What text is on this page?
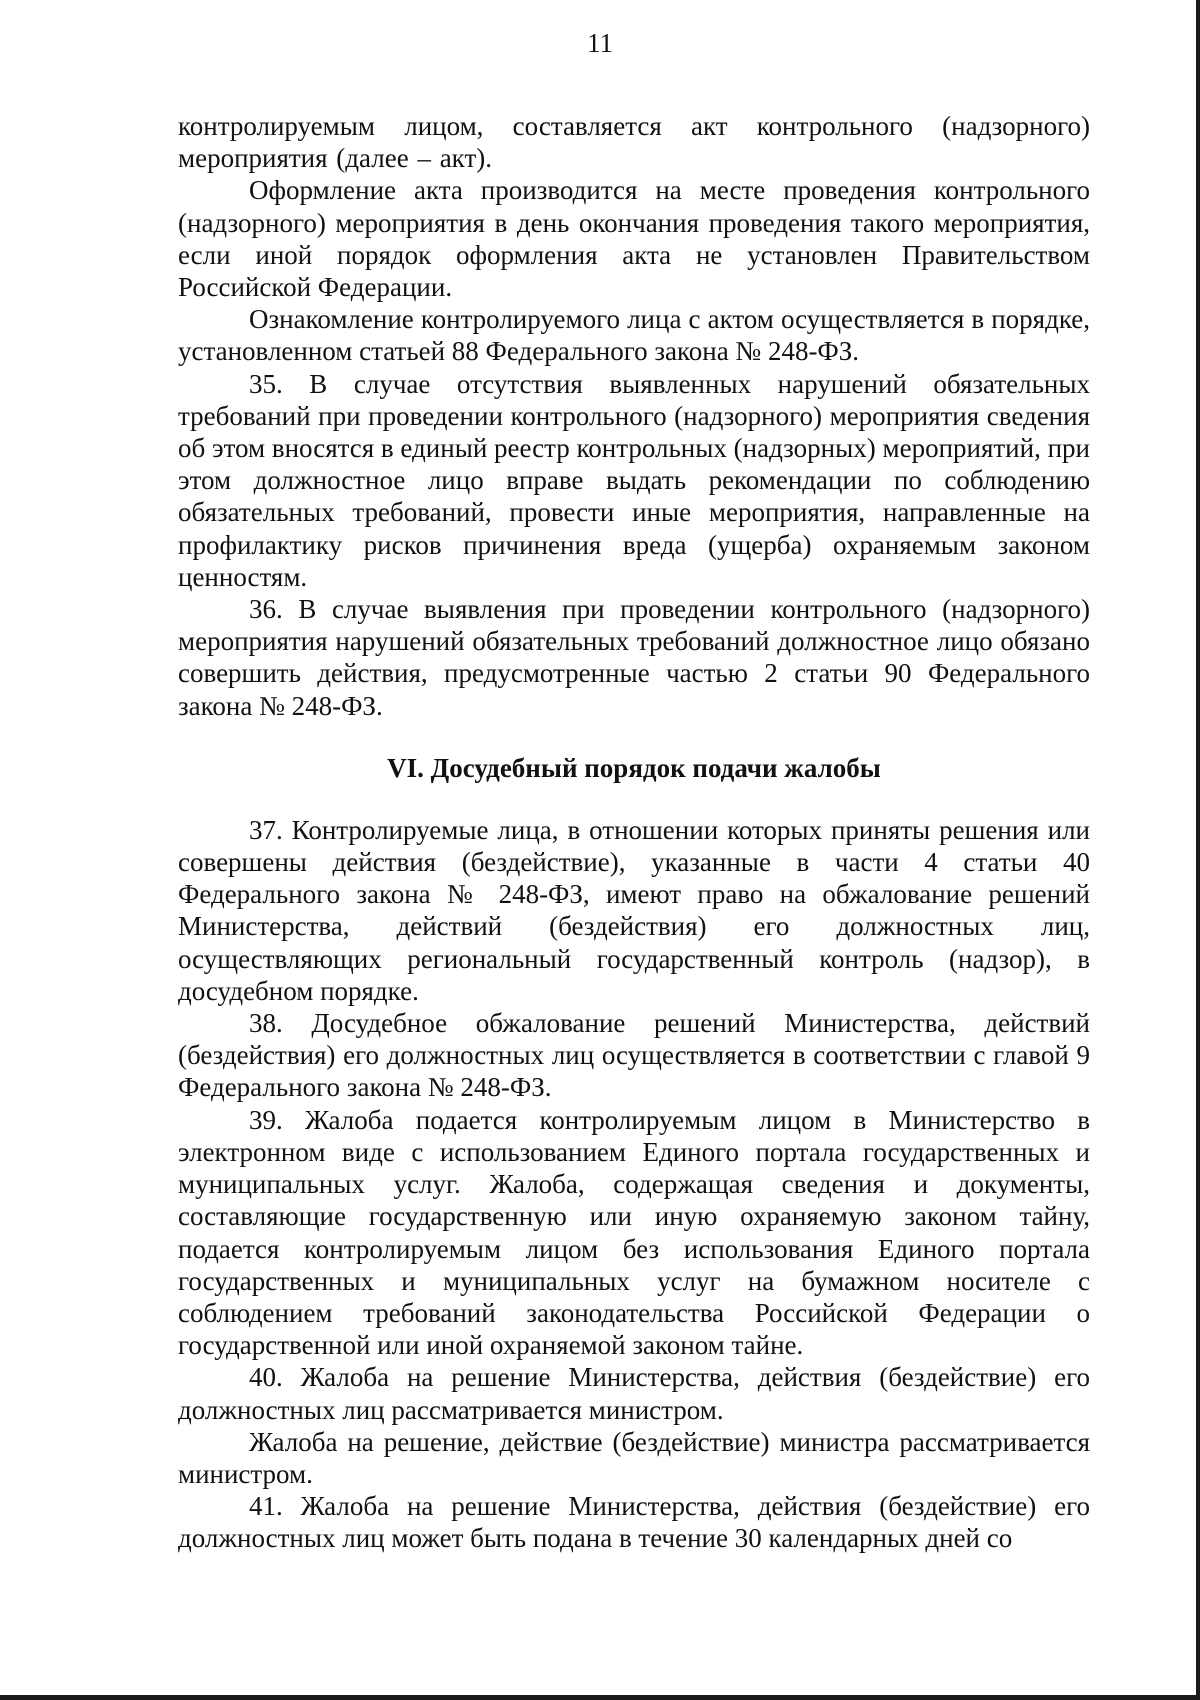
11

контролируемым лицом, составляется акт контрольного (надзорного) мероприятия (далее – акт).

Оформление акта производится на месте проведения контрольного (надзорного) мероприятия в день окончания проведения такого мероприятия, если иной порядок оформления акта не установлен Правительством Российской Федерации.

Ознакомление контролируемого лица с актом осуществляется в порядке, установленном статьей 88 Федерального закона № 248-ФЗ.

35. В случае отсутствия выявленных нарушений обязательных требований при проведении контрольного (надзорного) мероприятия сведения об этом вносятся в единый реестр контрольных (надзорных) мероприятий, при этом должностное лицо вправе выдать рекомендации по соблюдению обязательных требований, провести иные мероприятия, направленные на профилактику рисков причинения вреда (ущерба) охраняемым законом ценностям.

36. В случае выявления при проведении контрольного (надзорного) мероприятия нарушений обязательных требований должностное лицо обязано совершить действия, предусмотренные частью 2 статьи 90 Федерального закона № 248-ФЗ.

VI. Досудебный порядок подачи жалобы

37. Контролируемые лица, в отношении которых приняты решения или совершены действия (бездействие), указанные в части 4 статьи 40 Федерального закона № 248-ФЗ, имеют право на обжалование решений Министерства, действий (бездействия) его должностных лиц, осуществляющих региональный государственный контроль (надзор), в досудебном порядке.

38. Досудебное обжалование решений Министерства, действий (бездействия) его должностных лиц осуществляется в соответствии с главой 9 Федерального закона № 248-ФЗ.

39. Жалоба подается контролируемым лицом в Министерство в электронном виде с использованием Единого портала государственных и муниципальных услуг. Жалоба, содержащая сведения и документы, составляющие государственную или иную охраняемую законом тайну, подается контролируемым лицом без использования Единого портала государственных и муниципальных услуг на бумажном носителе с соблюдением требований законодательства Российской Федерации о государственной или иной охраняемой законом тайне.

40. Жалоба на решение Министерства, действия (бездействие) его должностных лиц рассматривается министром.

Жалоба на решение, действие (бездействие) министра рассматривается министром.

41. Жалоба на решение Министерства, действия (бездействие) его должностных лиц может быть подана в течение 30 календарных дней со
